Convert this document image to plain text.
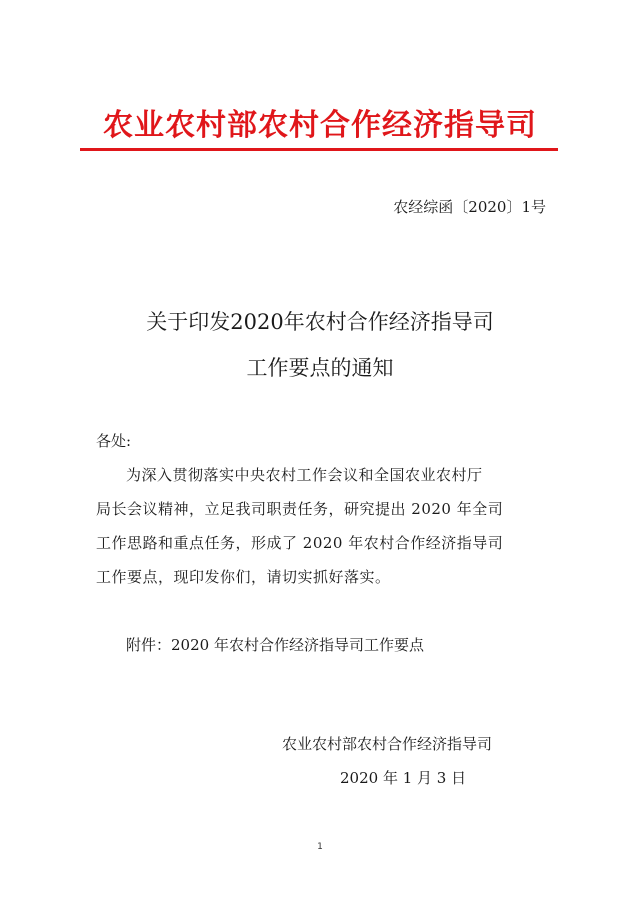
农业农村部农村合作经济指导司
农经综函〔2020〕1号
关于印发2020年农村合作经济指导司
工作要点的通知
各处:
为深入贯彻落实中央农村工作会议和全国农业农村厅
局长会议精神，立足我司职责任务，研究提出 2020 年全司
工作思路和重点任务，形成了 2020 年农村合作经济指导司
工作要点，现印发你们，请切实抓好落实。
附件：2020 年农村合作经济指导司工作要点
农业农村部农村合作经济指导司
2020 年 1 月 3 日
1
